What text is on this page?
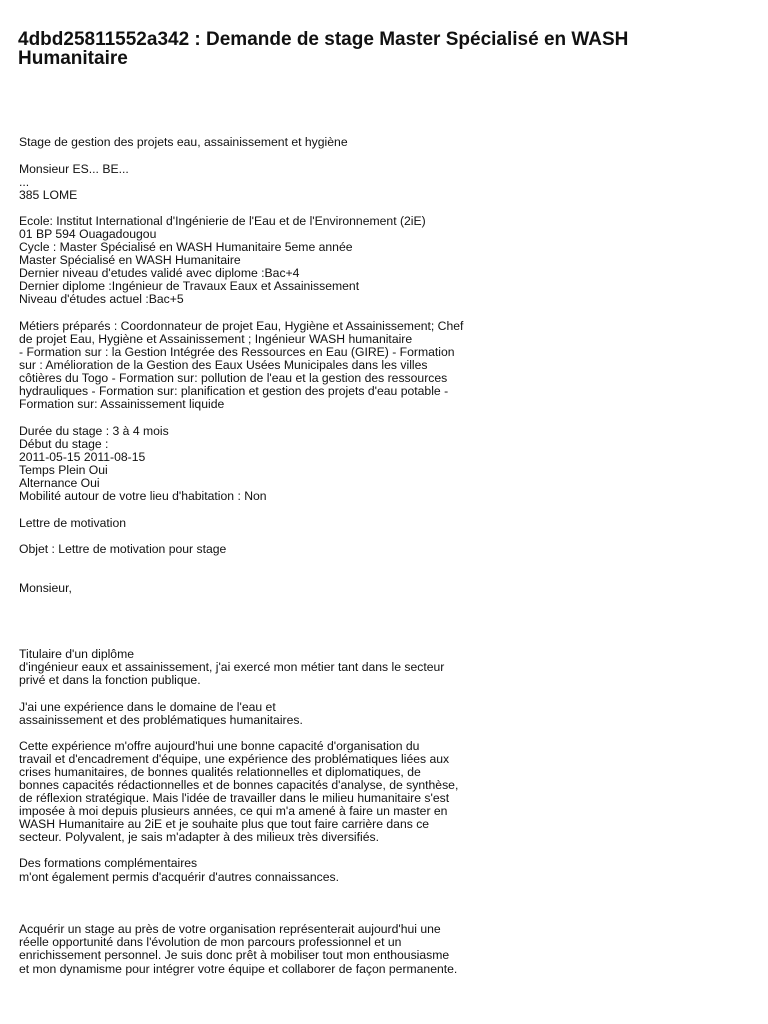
4dbd25811552a342 : Demande de stage Master Spécialisé en WASH Humanitaire
Stage de gestion des projets eau, assainissement et hygiène
Monsieur ES... BE...
...
385 LOME
Ecole: Institut International d'Ingénierie de l'Eau et de l'Environnement (2iE)
01 BP 594 Ouagadougou
Cycle : Master Spécialisé en WASH Humanitaire 5eme année
Master Spécialisé en WASH Humanitaire
Dernier niveau d'etudes validé avec diplome :Bac+4
Dernier diplome :Ingénieur de Travaux Eaux et Assainissement
Niveau d'études actuel :Bac+5
Métiers préparés : Coordonnateur de projet Eau, Hygiène et Assainissement; Chef
de projet Eau, Hygiène et Assainissement ; Ingénieur WASH humanitaire
- Formation sur : la Gestion Intégrée des Ressources en Eau (GIRE) - Formation
sur : Amélioration de la Gestion des Eaux Usées Municipales dans les villes
côtières du Togo - Formation sur: pollution de l'eau et la gestion des ressources
hydrauliques - Formation sur: planification et gestion des projets d'eau potable -
Formation sur: Assainissement liquide
Durée du stage : 3 à 4 mois
Début du stage :
2011-05-15 2011-08-15
Temps Plein Oui
Alternance Oui
Mobilité autour de votre lieu d'habitation : Non
Lettre de motivation
Objet : Lettre de motivation pour stage
Monsieur,
Titulaire d'un diplôme
d'ingénieur eaux et assainissement, j'ai exercé mon métier tant dans le secteur
privé et dans la fonction publique.
J'ai une expérience dans le domaine de l'eau et
assainissement et des problématiques humanitaires.
Cette expérience m'offre aujourd'hui une bonne capacité d'organisation du
travail et d'encadrement d'équipe, une expérience des problématiques liées aux
crises humanitaires, de bonnes qualités relationnelles et diplomatiques, de
bonnes capacités rédactionnelles et de bonnes capacités d'analyse, de synthèse,
de réflexion stratégique. Mais l'idée de travailler dans le milieu humanitaire s'est
imposée à moi depuis plusieurs années, ce qui m'a amené à faire un master en
WASH Humanitaire au 2iE et je souhaite plus que tout faire carrière dans ce
secteur. Polyvalent, je sais m'adapter à des milieux très diversifiés.
Des formations complémentaires
m'ont également permis d'acquérir d'autres connaissances.
Acquérir un stage au près de votre organisation représenterait aujourd'hui une
réelle opportunité dans l'évolution de mon parcours professionnel et un
enrichissement personnel. Je suis donc prêt à mobiliser tout mon enthousiasme
et mon dynamisme pour intégrer votre équipe et collaborer de façon permanente.
